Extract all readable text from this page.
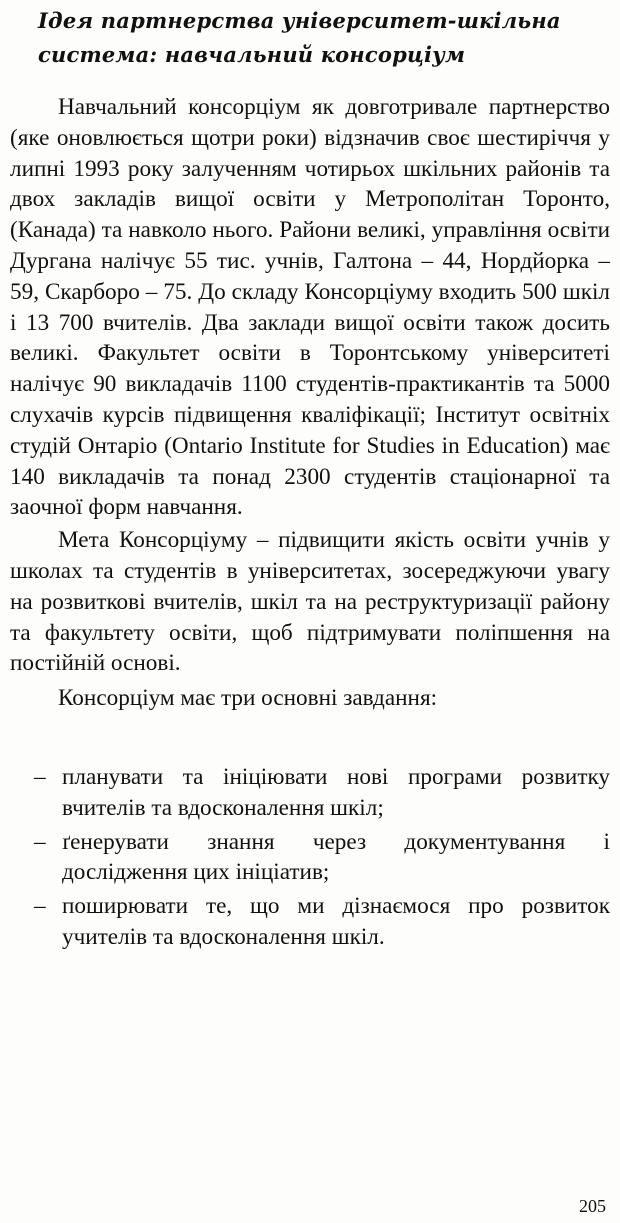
Ідея партнерства університет-шкільна
система: навчальний консорціум

Навчальний консорціум як довготривале партнерство (яке оновлюється щотри роки) відзначив своє шестиріччя у липні 1993 року залученням чотирьох шкільних районів та двох закладів вищої освіти у Метрополітан Торонто, (Канада) та навколо нього. Райони великі, управління освіти Дургана налічує 55 тис. учнів, Галтона – 44, Нордйорка – 59, Скарборо – 75. До складу Консорціуму входить 500 шкіл і 13 700 вчителів. Два заклади вищої освіти також досить великі. Факультет освіти в Торонтському університеті налічує 90 викладачів 1100 студентів-практикантів та 5000 слухачів курсів підвищення кваліфікації; Інститут освітніх студій Онтаріо (Ontario Institute for Studies in Education) має 140 викладачів та понад 2300 студентів стаціонарної та заочної форм навчання.

Мета Консорціуму – підвищити якість освіти учнів у школах та студентів в університетах, зосереджуючи увагу на розвиткові вчителів, шкіл та на реструктуризації району та факультету освіти, щоб підтримувати поліпшення на постійній основі.

Консорціум має три основні завдання:

– планувати та ініціювати нові програми розвитку вчителів та вдосконалення шкіл;
– ґенерувати знання через документування і дослідження цих ініціатив;
– поширювати те, що ми дізнаємося про розвиток учителів та вдосконалення шкіл.
205
